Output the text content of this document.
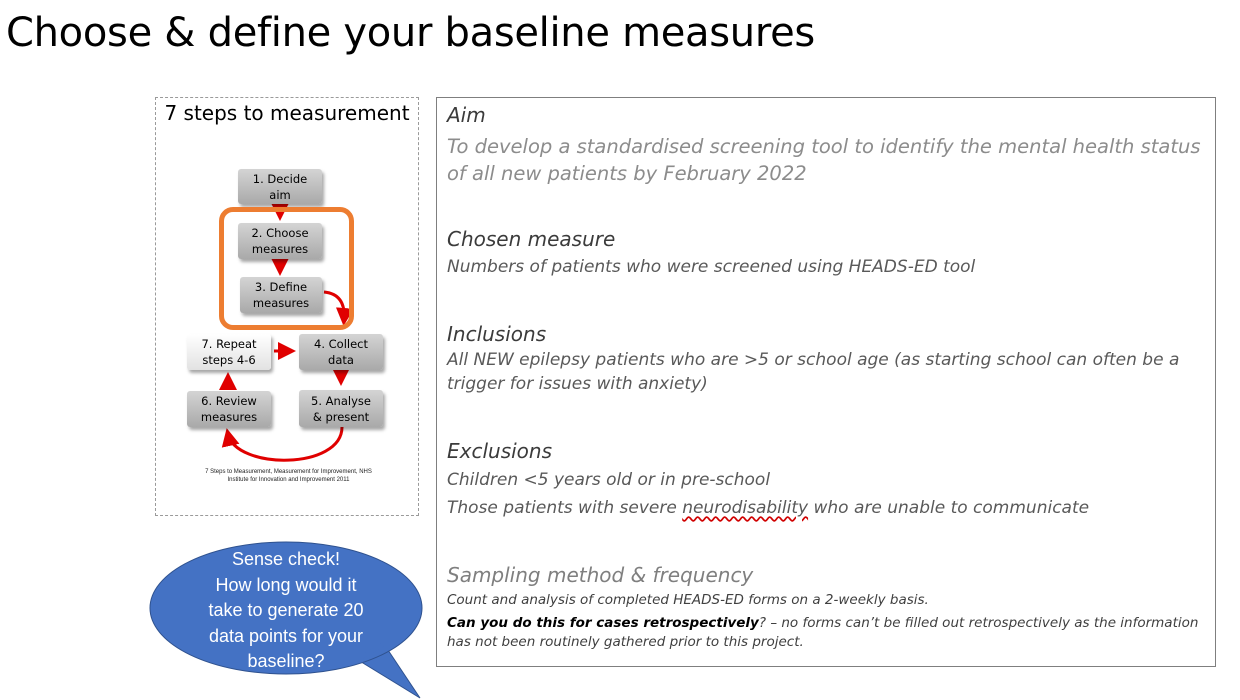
Choose & define your baseline measures
7 steps to measurement
1. Decide
aim
2. Choose
measures
3. Define
measures
4. Collect
data
5. Analyse
& present
6. Review
measures
7. Repeat
steps 4-6
7 Steps to Measurement, Measurement for Improvement, NHS
Institute for Innovation and Improvement 2011

Aim

To develop a standardised screening tool to identify the mental health status of all new patients by February 2022

Chosen measure

Numbers of patients who were screened using HEADS-ED tool

Inclusions

All NEW epilepsy patients who are >5 or school age (as starting school can often be a trigger for issues with anxiety)

Exclusions

Children <5 years old or in pre-school

Those patients with severe neurodisability who are unable to communicate

Sampling method & frequency

Count and analysis of completed HEADS-ED forms on a 2-weekly basis.

Can you do this for cases retrospectively? – no forms can’t be filled out retrospectively as the information has not been routinely gathered prior to this project.

Sense check!
How long would it
take to generate 20
data points for your
baseline?
